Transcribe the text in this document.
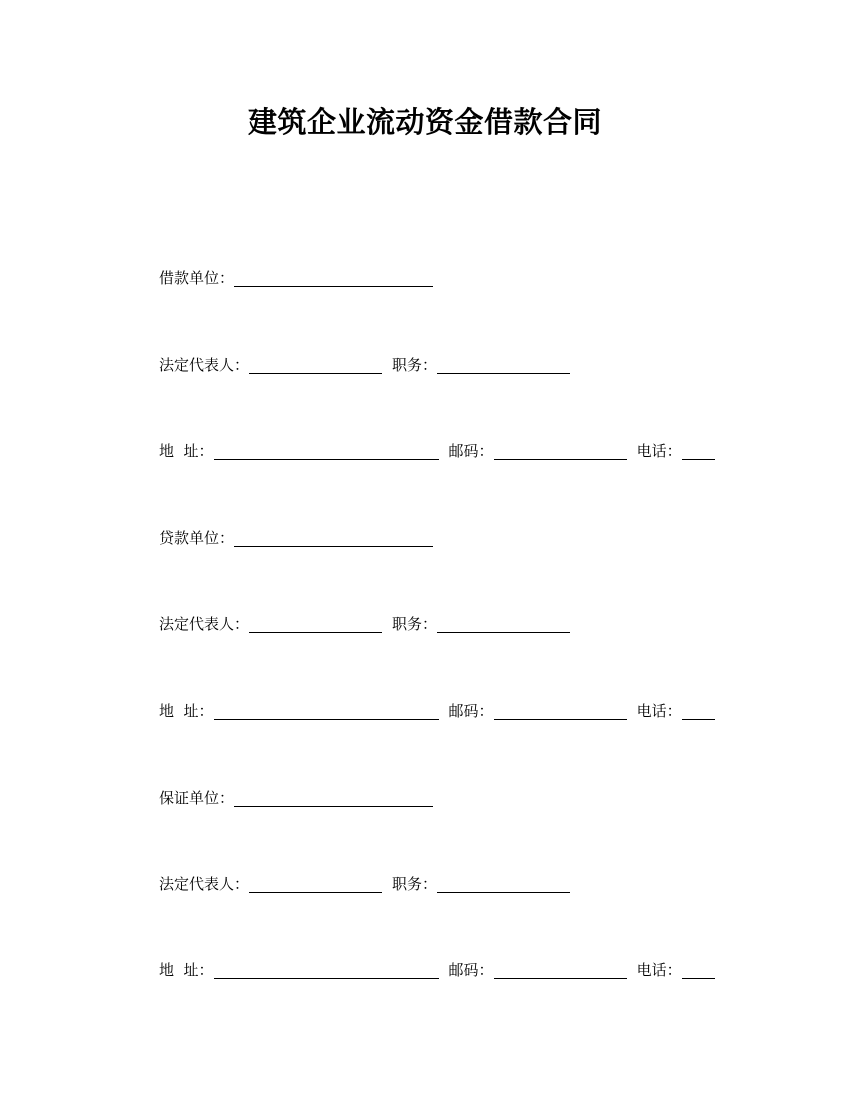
建筑企业流动资金借款合同
借款单位：
法定代表人：	职务：
地  址：	邮码：	电话：
贷款单位：
法定代表人：	职务：
地  址：	邮码：	电话：
保证单位：
法定代表人：	职务：
地  址：	邮码：	电话：
